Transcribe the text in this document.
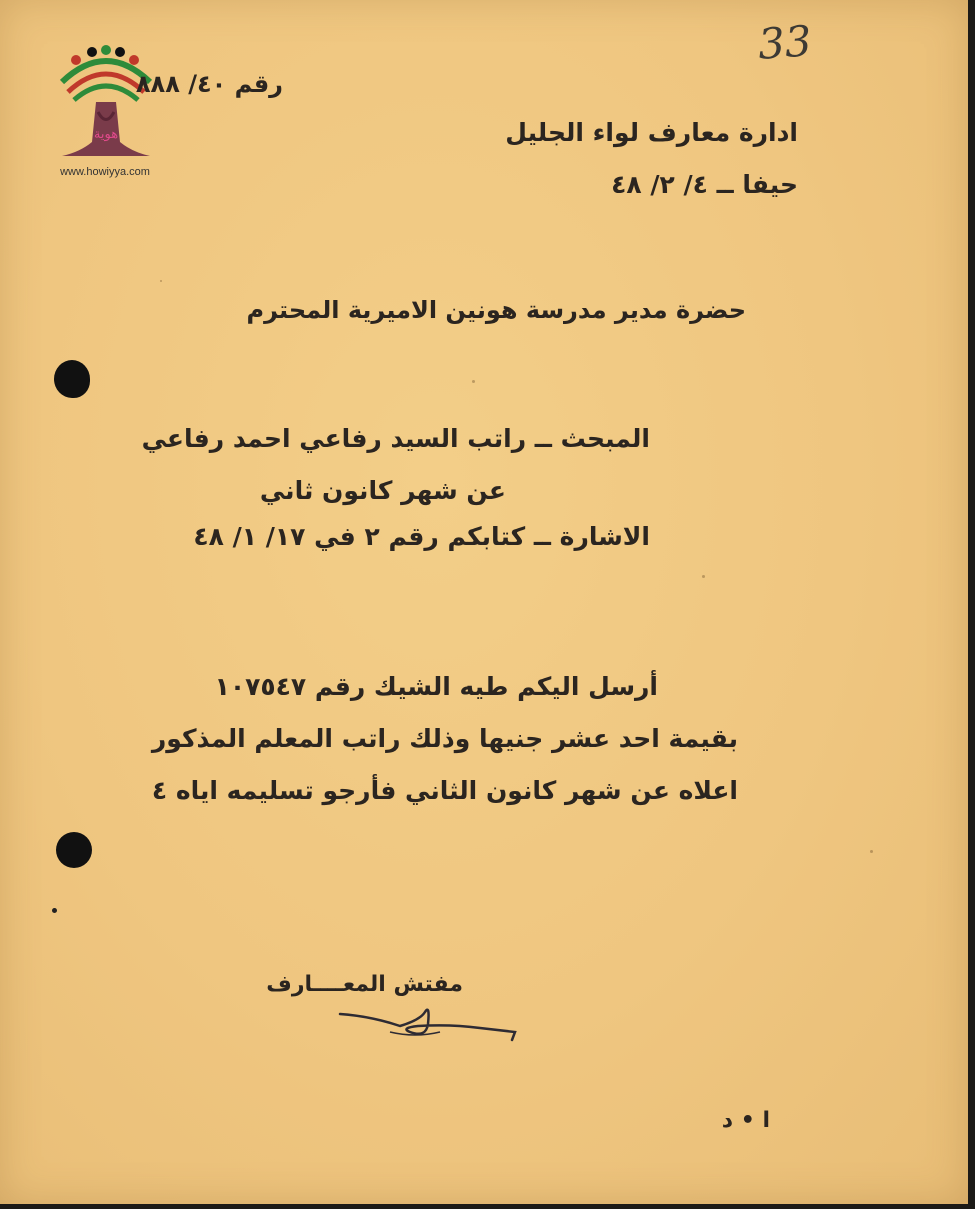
هوية
www.howiyya.com
رقم ٤٠/ ٨٨٨
33
ادارة معارف لواء الجليل
حيفا ــ ٤/ ٢/ ٤٨
حضرة مدير مدرسة هونين الاميرية المحترم
المبحث ــ راتب السيد رفاعي احمد رفاعي
عن شهر كانون ثاني
الاشارة ــ كتابكم رقم ٢ في ١٧/ ١/ ٤٨
أرسل اليكم طيه الشيك رقم ١٠٧٥٤٧
بقيمة احد عشر جنيها وذلك راتب المعلم المذكور
اعلاه عن شهر كانون الثاني فأرجو تسليمه اياه ٤
مفتش المعــــارف
ا • د
